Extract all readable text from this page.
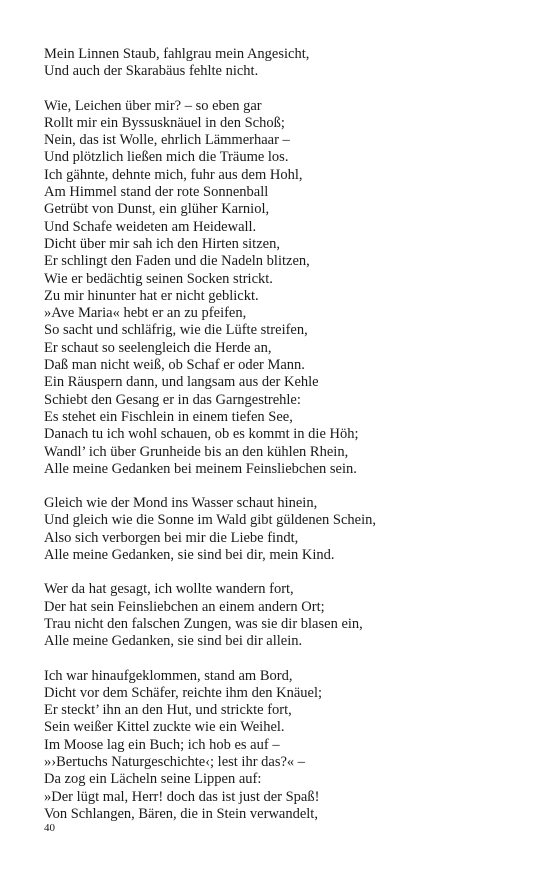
Mein Linnen Staub, fahlgrau mein Angesicht,
Und auch der Skarabäus fehlte nicht.
Wie, Leichen über mir? – so eben gar
Rollt mir ein Byssusknäuel in den Schoß;
Nein, das ist Wolle, ehrlich Lämmerhaar –
Und plötzlich ließen mich die Träume los.
Ich gähnte, dehnte mich, fuhr aus dem Hohl,
Am Himmel stand der rote Sonnenball
Getrübt von Dunst, ein glüher Karniol,
Und Schafe weideten am Heidewall.
Dicht über mir sah ich den Hirten sitzen,
Er schlingt den Faden und die Nadeln blitzen,
Wie er bedächtig seinen Socken strickt.
Zu mir hinunter hat er nicht geblickt.
»Ave Maria« hebt er an zu pfeifen,
So sacht und schläfrig, wie die Lüfte streifen,
Er schaut so seelengleich die Herde an,
Daß man nicht weiß, ob Schaf er oder Mann.
Ein Räuspern dann, und langsam aus der Kehle
Schiebt den Gesang er in das Garngestrehle:
Es stehet ein Fischlein in einem tiefen See,
Danach tu ich wohl schauen, ob es kommt in die Höh;
Wandl’ ich über Grunheide bis an den kühlen Rhein,
Alle meine Gedanken bei meinem Feinsliebchen sein.
Gleich wie der Mond ins Wasser schaut hinein,
Und gleich wie die Sonne im Wald gibt güldenen Schein,
Also sich verborgen bei mir die Liebe findt,
Alle meine Gedanken, sie sind bei dir, mein Kind.
Wer da hat gesagt, ich wollte wandern fort,
Der hat sein Feinsliebchen an einem andern Ort;
Trau nicht den falschen Zungen, was sie dir blasen ein,
Alle meine Gedanken, sie sind bei dir allein.
Ich war hinaufgeklommen, stand am Bord,
Dicht vor dem Schäfer, reichte ihm den Knäuel;
Er steckt’ ihn an den Hut, und strickte fort,
Sein weißer Kittel zuckte wie ein Weihel.
Im Moose lag ein Buch; ich hob es auf –
»›Bertuchs Naturgeschichte‹; lest ihr das?« –
Da zog ein Lächeln seine Lippen auf:
»Der lügt mal, Herr! doch das ist just der Spaß!
Von Schlangen, Bären, die in Stein verwandelt,
40
